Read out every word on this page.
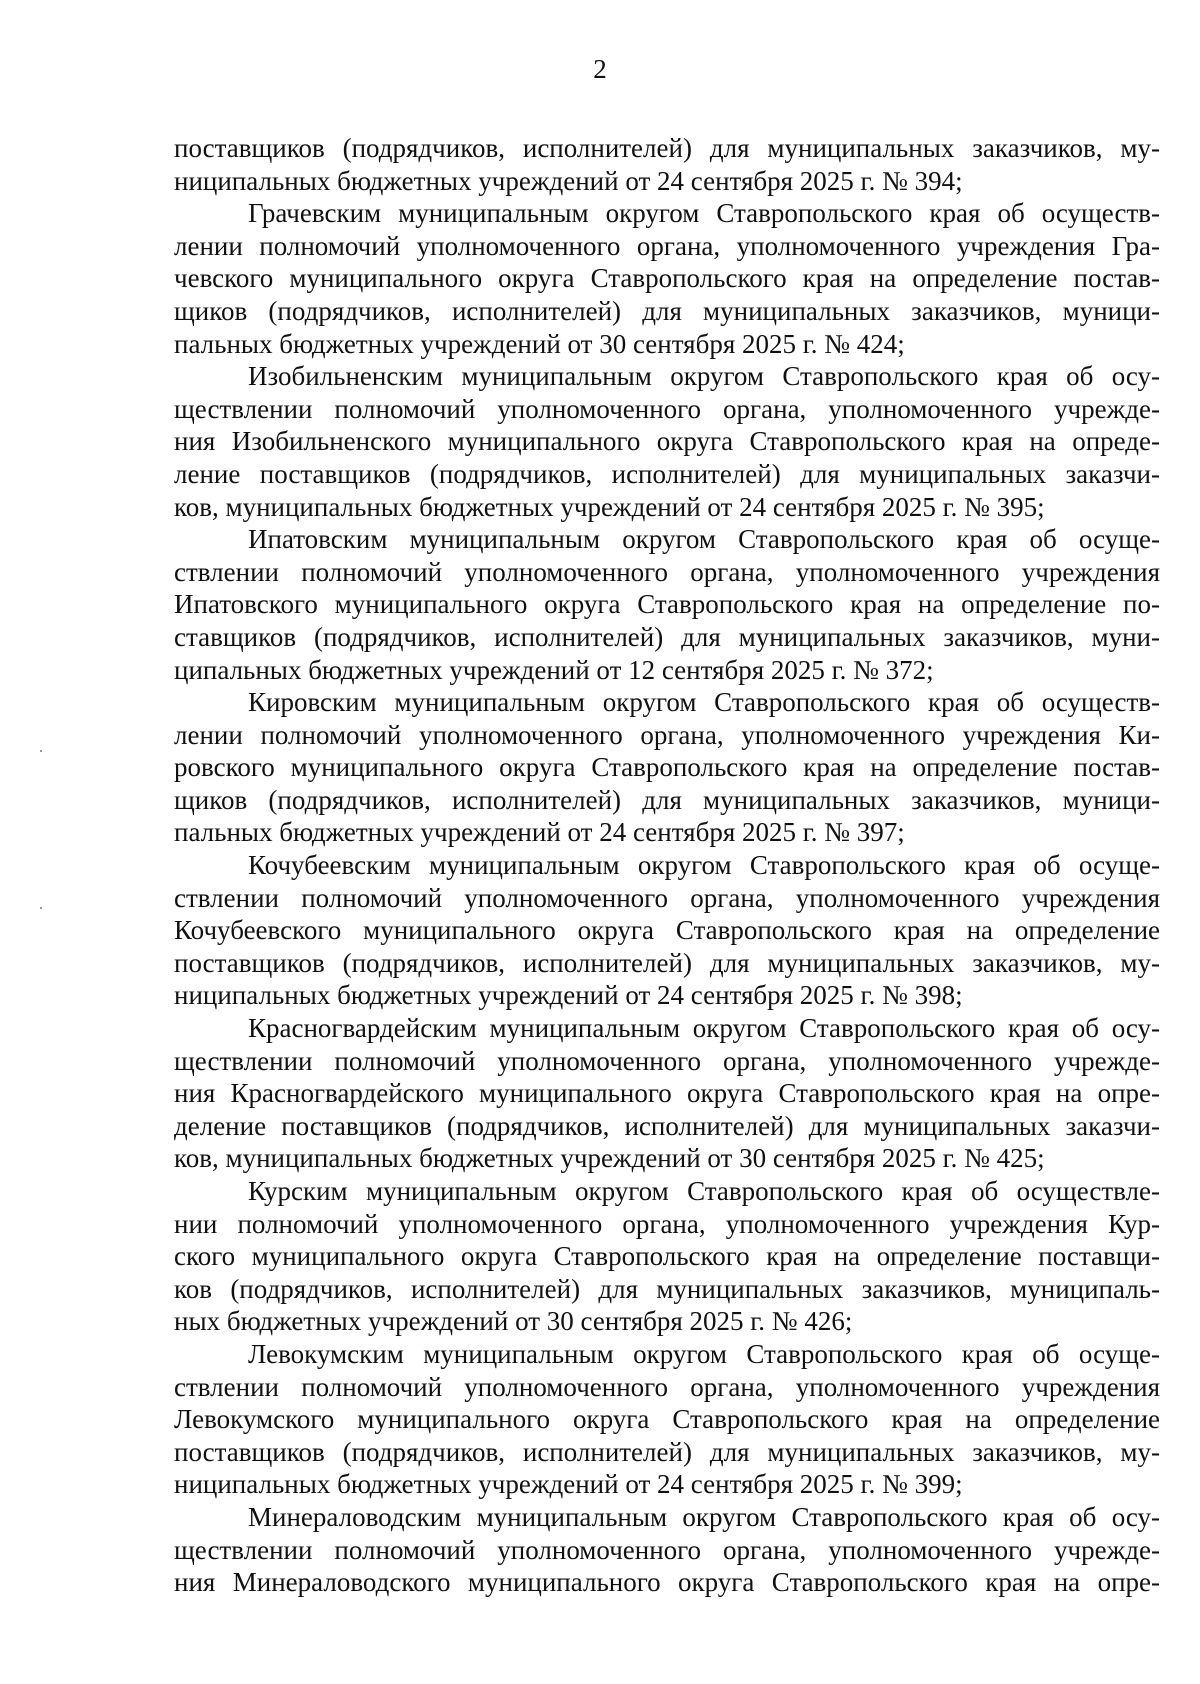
2

поставщиков (подрядчиков, исполнителей) для муниципальных заказчиков, му-
ниципальных бюджетных учреждений от 24 сентября 2025 г. № 394;

Грачевским муниципальным округом Ставропольского края об осуществ-
лении полномочий уполномоченного органа, уполномоченного учреждения Гра-
чевского муниципального округа Ставропольского края на определение постав-
щиков (подрядчиков, исполнителей) для муниципальных заказчиков, муници-
пальных бюджетных учреждений от 30 сентября 2025 г. № 424;

Изобильненским муниципальным округом Ставропольского края об осу-
ществлении полномочий уполномоченного органа, уполномоченного учрежде-
ния Изобильненского муниципального округа Ставропольского края на опреде-
ление поставщиков (подрядчиков, исполнителей) для муниципальных заказчи-
ков, муниципальных бюджетных учреждений от 24 сентября 2025 г. № 395;

Ипатовским муниципальным округом Ставропольского края об осуще-
ствлении полномочий уполномоченного органа, уполномоченного учреждения
Ипатовского муниципального округа Ставропольского края на определение по-
ставщиков (подрядчиков, исполнителей) для муниципальных заказчиков, муни-
ципальных бюджетных учреждений от 12 сентября 2025 г. № 372;

Кировским муниципальным округом Ставропольского края об осуществ-
лении полномочий уполномоченного органа, уполномоченного учреждения Ки-
ровского муниципального округа Ставропольского края на определение постав-
щиков (подрядчиков, исполнителей) для муниципальных заказчиков, муници-
пальных бюджетных учреждений от 24 сентября 2025 г. № 397;

Кочубеевским муниципальным округом Ставропольского края об осуще-
ствлении полномочий уполномоченного органа, уполномоченного учреждения
Кочубеевского муниципального округа Ставропольского края на определение
поставщиков (подрядчиков, исполнителей) для муниципальных заказчиков, му-
ниципальных бюджетных учреждений от 24 сентября 2025 г. № 398;

Красногвардейским муниципальным округом Ставропольского края об осу-
ществлении полномочий уполномоченного органа, уполномоченного учрежде-
ния Красногвардейского муниципального округа Ставропольского края на опре-
деление поставщиков (подрядчиков, исполнителей) для муниципальных заказчи-
ков, муниципальных бюджетных учреждений от 30 сентября 2025 г. № 425;

Курским муниципальным округом Ставропольского края об осуществле-
нии полномочий уполномоченного органа, уполномоченного учреждения Кур-
ского муниципального округа Ставропольского края на определение поставщи-
ков (подрядчиков, исполнителей) для муниципальных заказчиков, муниципаль-
ных бюджетных учреждений от 30 сентября 2025 г. № 426;

Левокумским муниципальным округом Ставропольского края об осуще-
ствлении полномочий уполномоченного органа, уполномоченного учреждения
Левокумского муниципального округа Ставропольского края на определение
поставщиков (подрядчиков, исполнителей) для муниципальных заказчиков, му-
ниципальных бюджетных учреждений от 24 сентября 2025 г. № 399;

Минераловодским муниципальным округом Ставропольского края об осу-
ществлении полномочий уполномоченного органа, уполномоченного учрежде-
ния Минераловодского муниципального округа Ставропольского края на опре-
